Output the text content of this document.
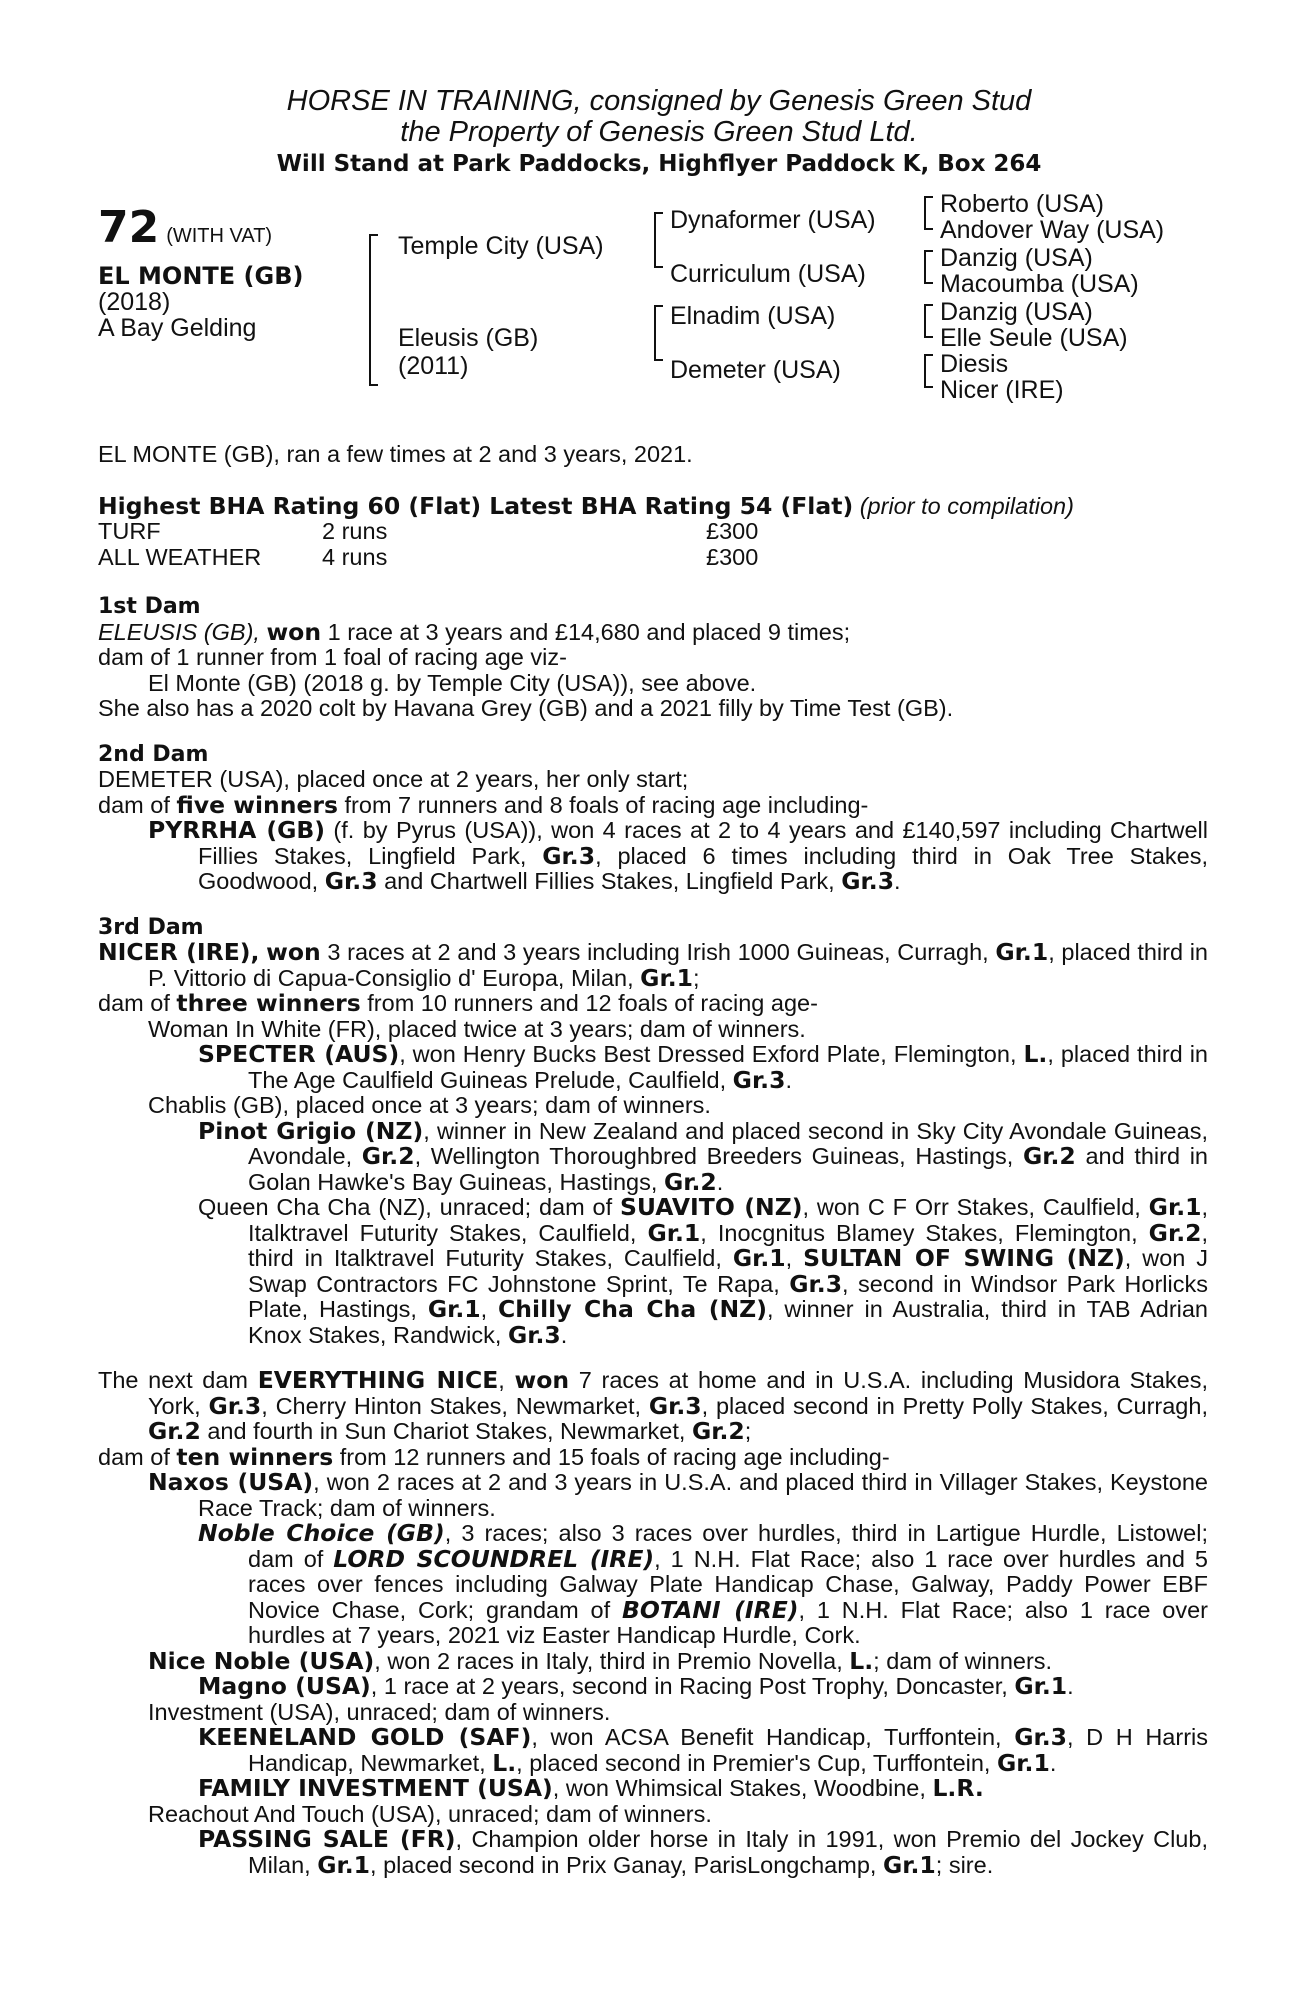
HORSE IN TRAINING, consigned by Genesis Green Stud
the Property of Genesis Green Stud Ltd.
Will Stand at Park Paddocks, Highflyer Paddock K, Box 264
72 (WITH VAT)
EL MONTE (GB)
(2018)
A Bay Gelding
Temple City (USA)
Eleusis (GB)
(2011)
Dynaformer (USA)
Curriculum (USA)
Elnadim (USA)
Demeter (USA)
Roberto (USA)
Andover Way (USA)
Danzig (USA)
Macoumba (USA)
Danzig (USA)
Elle Seule (USA)
Diesis
Nicer (IRE)

EL MONTE (GB), ran a few times at 2 and 3 years, 2021.

Highest BHA Rating 60 (Flat) Latest BHA Rating 54 (Flat) (prior to compilation)

TURF	2 runs	£300
ALL WEATHER	4 runs	£300

1st Dam

ELEUSIS (GB), won 1 race at 3 years and £14,680 and placed 9 times;

dam of 1 runner from 1 foal of racing age viz-

El Monte (GB) (2018 g. by Temple City (USA)), see above.

She also has a 2020 colt by Havana Grey (GB) and a 2021 filly by Time Test (GB).

2nd Dam

DEMETER (USA), placed once at 2 years, her only start;

dam of five winners from 7 runners and 8 foals of racing age including-

PYRRHA (GB) (f. by Pyrus (USA)), won 4 races at 2 to 4 years and £140,597 including Chartwell Fillies Stakes, Lingfield Park, Gr.3, placed 6 times including third in Oak Tree Stakes, Goodwood, Gr.3 and Chartwell Fillies Stakes, Lingfield Park, Gr.3.

3rd Dam

NICER (IRE), won 3 races at 2 and 3 years including Irish 1000 Guineas, Curragh, Gr.1, placed third in P. Vittorio di Capua-Consiglio d' Europa, Milan, Gr.1;

dam of three winners from 10 runners and 12 foals of racing age-

Woman In White (FR), placed twice at 3 years; dam of winners.

SPECTER (AUS), won Henry Bucks Best Dressed Exford Plate, Flemington, L., placed third in The Age Caulfield Guineas Prelude, Caulfield, Gr.3.

Chablis (GB), placed once at 3 years; dam of winners.

Pinot Grigio (NZ), winner in New Zealand and placed second in Sky City Avondale Guineas, Avondale, Gr.2, Wellington Thoroughbred Breeders Guineas, Hastings, Gr.2 and third in Golan Hawke's Bay Guineas, Hastings, Gr.2.

Queen Cha Cha (NZ), unraced; dam of SUAVITO (NZ), won C F Orr Stakes, Caulfield, Gr.1, Italktravel Futurity Stakes, Caulfield, Gr.1, Inocgnitus Blamey Stakes, Flemington, Gr.2, third in Italktravel Futurity Stakes, Caulfield, Gr.1, SULTAN OF SWING (NZ), won J Swap Contractors FC Johnstone Sprint, Te Rapa, Gr.3, second in Windsor Park Horlicks Plate, Hastings, Gr.1, Chilly Cha Cha (NZ), winner in Australia, third in TAB Adrian Knox Stakes, Randwick, Gr.3.

The next dam EVERYTHING NICE, won 7 races at home and in U.S.A. including Musidora Stakes, York, Gr.3, Cherry Hinton Stakes, Newmarket, Gr.3, placed second in Pretty Polly Stakes, Curragh, Gr.2 and fourth in Sun Chariot Stakes, Newmarket, Gr.2;

dam of ten winners from 12 runners and 15 foals of racing age including-

Naxos (USA), won 2 races at 2 and 3 years in U.S.A. and placed third in Villager Stakes, Keystone Race Track; dam of winners.

Noble Choice (GB), 3 races; also 3 races over hurdles, third in Lartigue Hurdle, Listowel; dam of LORD SCOUNDREL (IRE), 1 N.H. Flat Race; also 1 race over hurdles and 5 races over fences including Galway Plate Handicap Chase, Galway, Paddy Power EBF Novice Chase, Cork; grandam of BOTANI (IRE), 1 N.H. Flat Race; also 1 race over hurdles at 7 years, 2021 viz Easter Handicap Hurdle, Cork.

Nice Noble (USA), won 2 races in Italy, third in Premio Novella, L.; dam of winners.

Magno (USA), 1 race at 2 years, second in Racing Post Trophy, Doncaster, Gr.1.

Investment (USA), unraced; dam of winners.

KEENELAND GOLD (SAF), won ACSA Benefit Handicap, Turffontein, Gr.3, D H Harris Handicap, Newmarket, L., placed second in Premier's Cup, Turffontein, Gr.1.

FAMILY INVESTMENT (USA), won Whimsical Stakes, Woodbine, L.R.

Reachout And Touch (USA), unraced; dam of winners.

PASSING SALE (FR), Champion older horse in Italy in 1991, won Premio del Jockey Club, Milan, Gr.1, placed second in Prix Ganay, ParisLongchamp, Gr.1; sire.
